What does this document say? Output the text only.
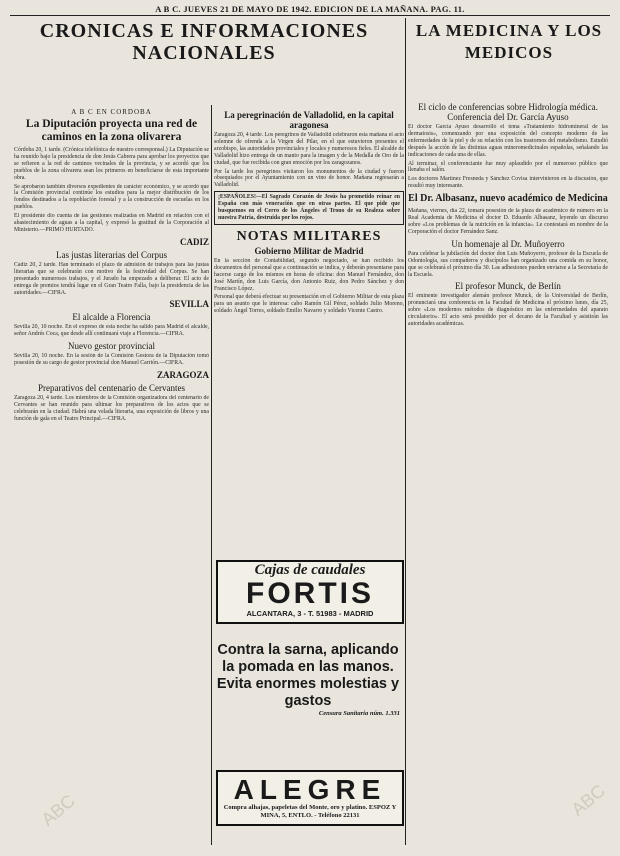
A B C. JUEVES 21 DE MAYO DE 1942. EDICION DE LA MAÑANA. PAG. 11.
CRONICAS E INFORMACIONES
NACIONALES
LA MEDICINA Y LOS
MEDICOS
A B C EN CORDOBA
La Diputación proyecta una red de caminos en la zona olivarera

Córdoba 20, 1 tarde. (Crónica telefónica de nuestro corresponsal.) La Diputación se ha reunido bajo la presidencia de don Jesús Cabrera para aprobar los proyectos que se refieren a la red de caminos vecinales de la provincia, y se acordó que los pueblos de la zona olivarera sean los primeros en beneficiarse de esta importante obra.

Se aprobaron también diversos expedientes de carácter económico, y se acordó que la Comisión provincial continúe los estudios para la mejor distribución de los fondos destinados a la repoblación forestal y a la construcción de escuelas en los pueblos.

El presidente dio cuenta de las gestiones realizadas en Madrid en relación con el abastecimiento de aguas a la capital, y expresó la gratitud de la Corporación al Ministerio.—PRIMO HURTADO.

CADIZ
Las justas literarias del Corpus

Cádiz 20, 2 tarde. Han terminado el plazo de admisión de trabajos para las justas literarias que se celebrarán con motivo de la festividad del Corpus. Se han presentado numerosos trabajos, y el Jurado ha empezado a deliberar. El acto de entrega de premios tendrá lugar en el Gran Teatro Falla, bajo la presidencia de las autoridades.—CIFRA.

SEVILLA
El alcalde a Florencia

Sevilla 20, 10 noche. En el expreso de esta noche ha salido para Madrid el alcalde, señor Andrés Coca, que desde allí continuará viaje a Florencia.—CIFRA.

Nuevo gestor provincial

Sevilla 20, 10 noche. En la sesión de la Comisión Gestora de la Diputación tomó posesión de su cargo de gestor provincial don Manuel Carrión.—CIFRA.

ZARAGOZA
Preparativos del centenario de Cervantes

Zaragoza 20, 4 tarde. Los miembros de la Comisión organizadora del centenario de Cervantes se han reunido para ultimar los preparativos de los actos que se celebrarán en la ciudad. Habrá una velada literaria, una exposición de libros y una función de gala en el Teatro Principal.—CIFRA.

La peregrinación de Valladolid, en la capital aragonesa

Zaragoza 20, 4 tarde. Los peregrinos de Valladolid celebraron esta mañana el acto solemne de ofrenda a la Virgen del Pilar, en el que estuvieron presentes el arzobispo, las autoridades provinciales y locales y numerosos fieles. El alcalde de Valladolid hizo entrega de un manto para la imagen y de la Medalla de Oro de la ciudad, que fue recibida con gran emoción por los zaragozanos.

Por la tarde los peregrinos visitaron los monumentos de la ciudad y fueron obsequiados por el Ayuntamiento con un vino de honor. Mañana regresarán a Valladolid.

¡ESPAÑOLES!—El Sagrado Corazón de Jesús ha prometido reinar en España con más veneración que en otras partes. El que pide que busquemos en el Cerro de los Ángeles el Trono de su Realeza sobre nuestra Patria, destruida por los rojos.

NOTAS MILITARES
Gobierno Militar de Madrid

En la sección de Contabilidad, segundo negociado, se han recibido los documentos del personal que a continuación se indica, y deberán presentarse para hacerse cargo de los mismos en horas de oficina: don Manuel Fernández, don José Martín, don Luis García, don Antonio Ruiz, don Pedro Sánchez y don Francisco López.

Personal que deberá efectuar su presentación en el Gobierno Militar de esta plaza para un asunto que le interesa: cabo Ramón Gil Pérez, soldado Julio Moreno, soldado Ángel Torres, soldado Emilio Navarro y soldado Vicente Castro.

Cajas de caudales
FORTIS
ALCANTARA, 3 - T. 51983 - MADRID
Contra la sarna, aplicando la pomada en las manos. Evita enormes molestias y gastos
Censura Sanitaria núm. 1.331
ALEGRE
Compra alhajas, papeletas del Monte, oro y platino. ESPOZ Y MINA, 5, ENTLO. - Teléfono 22131
El ciclo de conferencias sobre Hidrología médica. Conferencia del Dr. García Ayuso

El doctor García Ayuso desarrolló el tema «Tratamiento hidromineral de las dermatosis», comenzando por una exposición del concepto moderno de las enfermedades de la piel y de su relación con los trastornos del metabolismo. Estudió después la acción de las distintas aguas mineromedicinales españolas, señalando las indicaciones de cada una de ellas.

Al terminar, el conferenciante fue muy aplaudido por el numeroso público que llenaba el salón.

Los doctores Martínez Fresneda y Sánchez Covisa intervinieron en la discusión, que resultó muy interesante.

El Dr. Albasanz, nuevo académico de Medicina

Mañana, viernes, día 22, tomará posesión de la plaza de académico de número en la Real Academia de Medicina el doctor D. Eduardo Albasanz, leyendo un discurso sobre «Los problemas de la nutrición en la infancia». Le contestará en nombre de la Corporación el doctor Fernández Sanz.

Un homenaje al Dr. Muñoyerro

Para celebrar la jubilación del doctor don Luis Muñoyerro, profesor de la Escuela de Odontología, sus compañeros y discípulos han organizado una comida en su honor, que se celebrará el próximo día 30. Las adhesiones pueden enviarse a la Secretaría de la Escuela.

El profesor Munck, de Berlín

El eminente investigador alemán profesor Munck, de la Universidad de Berlín, pronunciará una conferencia en la Facultad de Medicina el próximo lunes, día 25, sobre «Los modernos métodos de diagnóstico en las enfermedades del aparato circulatorio». El acto será presidido por el decano de la Facultad y asistirán las autoridades académicas.

ABC	ABC
